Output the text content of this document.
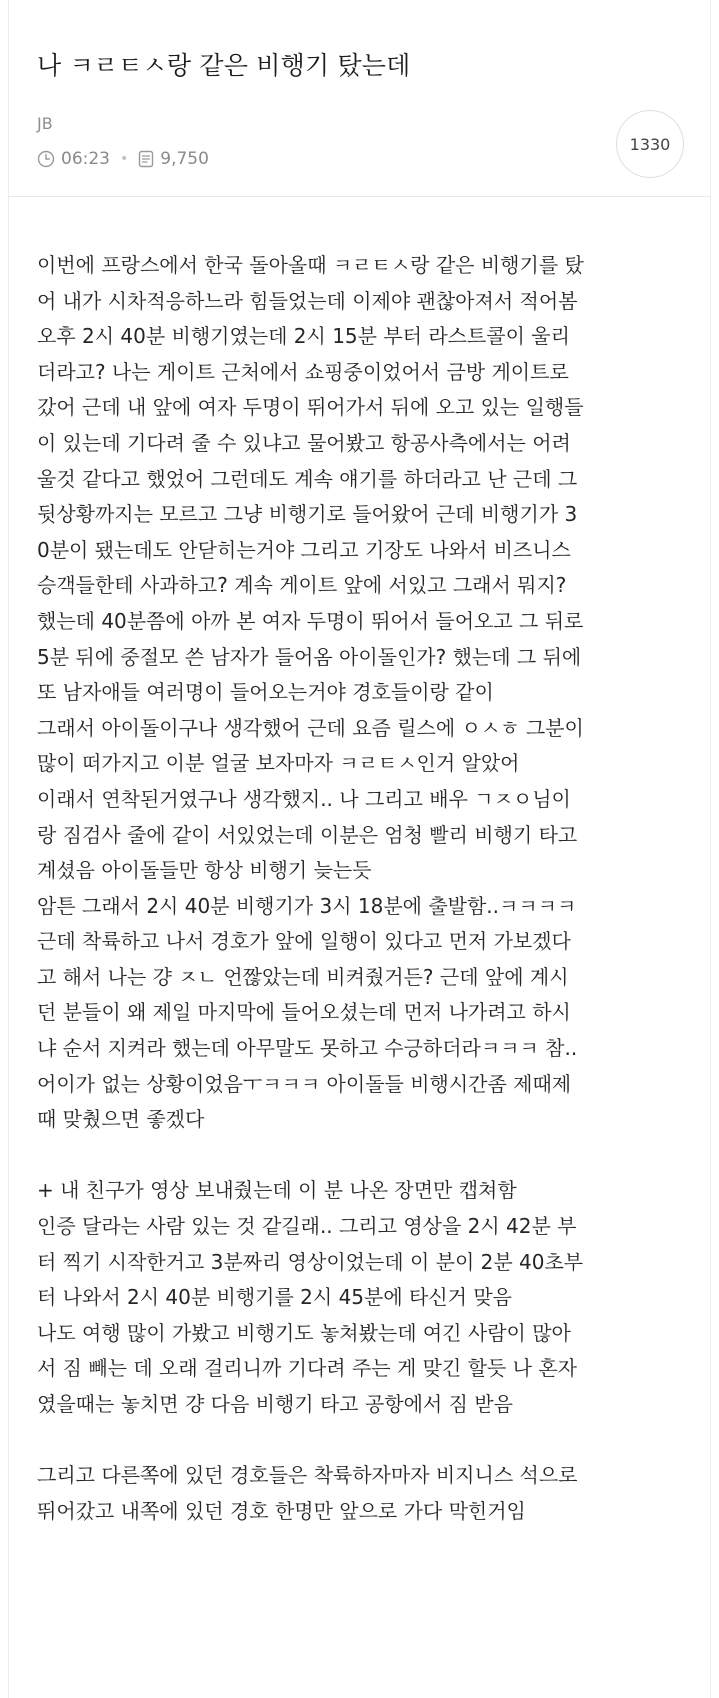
나 ㅋㄹㅌㅅ랑 같은 비행기 탔는데
JB
06:23 • 9,750
1330
이번에 프랑스에서 한국 돌아올때 ㅋㄹㅌㅅ랑 같은 비행기를 탔
어 내가 시차적응하느라 힘들었는데 이제야 괜찮아져서 적어봄
오후 2시 40분 비행기였는데 2시 15분 부터 라스트콜이 울리
더라고? 나는 게이트 근처에서 쇼핑중이었어서 금방 게이트로
갔어 근데 내 앞에 여자 두명이 뛰어가서 뒤에 오고 있는 일행들
이 있는데 기다려 줄 수 있냐고 물어봤고 항공사측에서는 어려
울것 같다고 했었어 그런데도 계속 얘기를 하더라고 난 근데 그
뒷상황까지는 모르고 그냥 비행기로 들어왔어 근데 비행기가 3
0분이 됐는데도 안닫히는거야 그리고 기장도 나와서 비즈니스
승객들한테 사과하고? 계속 게이트 앞에 서있고 그래서 뭐지?
했는데 40분쯤에 아까 본 여자 두명이 뛰어서 들어오고 그 뒤로
5분 뒤에 중절모 쓴 남자가 들어옴 아이돌인가? 했는데 그 뒤에
또 남자애들 여러명이 들어오는거야 경호들이랑 같이
그래서 아이돌이구나 생각했어 근데 요즘 릴스에 ㅇㅅㅎ 그분이
많이 떠가지고 이분 얼굴 보자마자 ㅋㄹㅌㅅ인거 알았어
이래서 연착된거였구나 생각했지.. 나 그리고 배우 ㄱㅈㅇ님이
랑 짐검사 줄에 같이 서있었는데 이분은 엄청 빨리 비행기 타고
계셨음 아이돌들만 항상 비행기 늦는듯
암튼 그래서 2시 40분 비행기가 3시 18분에 출발함..ㅋㅋㅋㅋ
근데 착륙하고 나서 경호가 앞에 일행이 있다고 먼저 가보겠다
고 해서 나는 걍 ㅈㄴ 언짢았는데 비켜줬거든? 근데 앞에 계시
던 분들이 왜 제일 마지막에 들어오셨는데 먼저 나가려고 하시
냐 순서 지켜라 했는데 아무말도 못하고 수긍하더라ㅋㅋㅋ 참..
어이가 없는 상황이었음ㅜㅋㅋㅋ 아이돌들 비행시간좀 제때제
때 맞췄으면 좋겠다
+ 내 친구가 영상 보내줬는데 이 분 나온 장면만 캡쳐함
인증 달라는 사람 있는 것 같길래.. 그리고 영상을 2시 42분 부
터 찍기 시작한거고 3분짜리 영상이었는데 이 분이 2분 40초부
터 나와서 2시 40분 비행기를 2시 45분에 타신거 맞음
나도 여행 많이 가봤고 비행기도 놓쳐봤는데 여긴 사람이 많아
서 짐 빼는 데 오래 걸리니까 기다려 주는 게 맞긴 할듯 나 혼자
였을때는 놓치면 걍 다음 비행기 타고 공항에서 짐 받음
그리고 다른쪽에 있던 경호들은 착륙하자마자 비지니스 석으로
뛰어갔고 내쪽에 있던 경호 한명만 앞으로 가다 막힌거임
